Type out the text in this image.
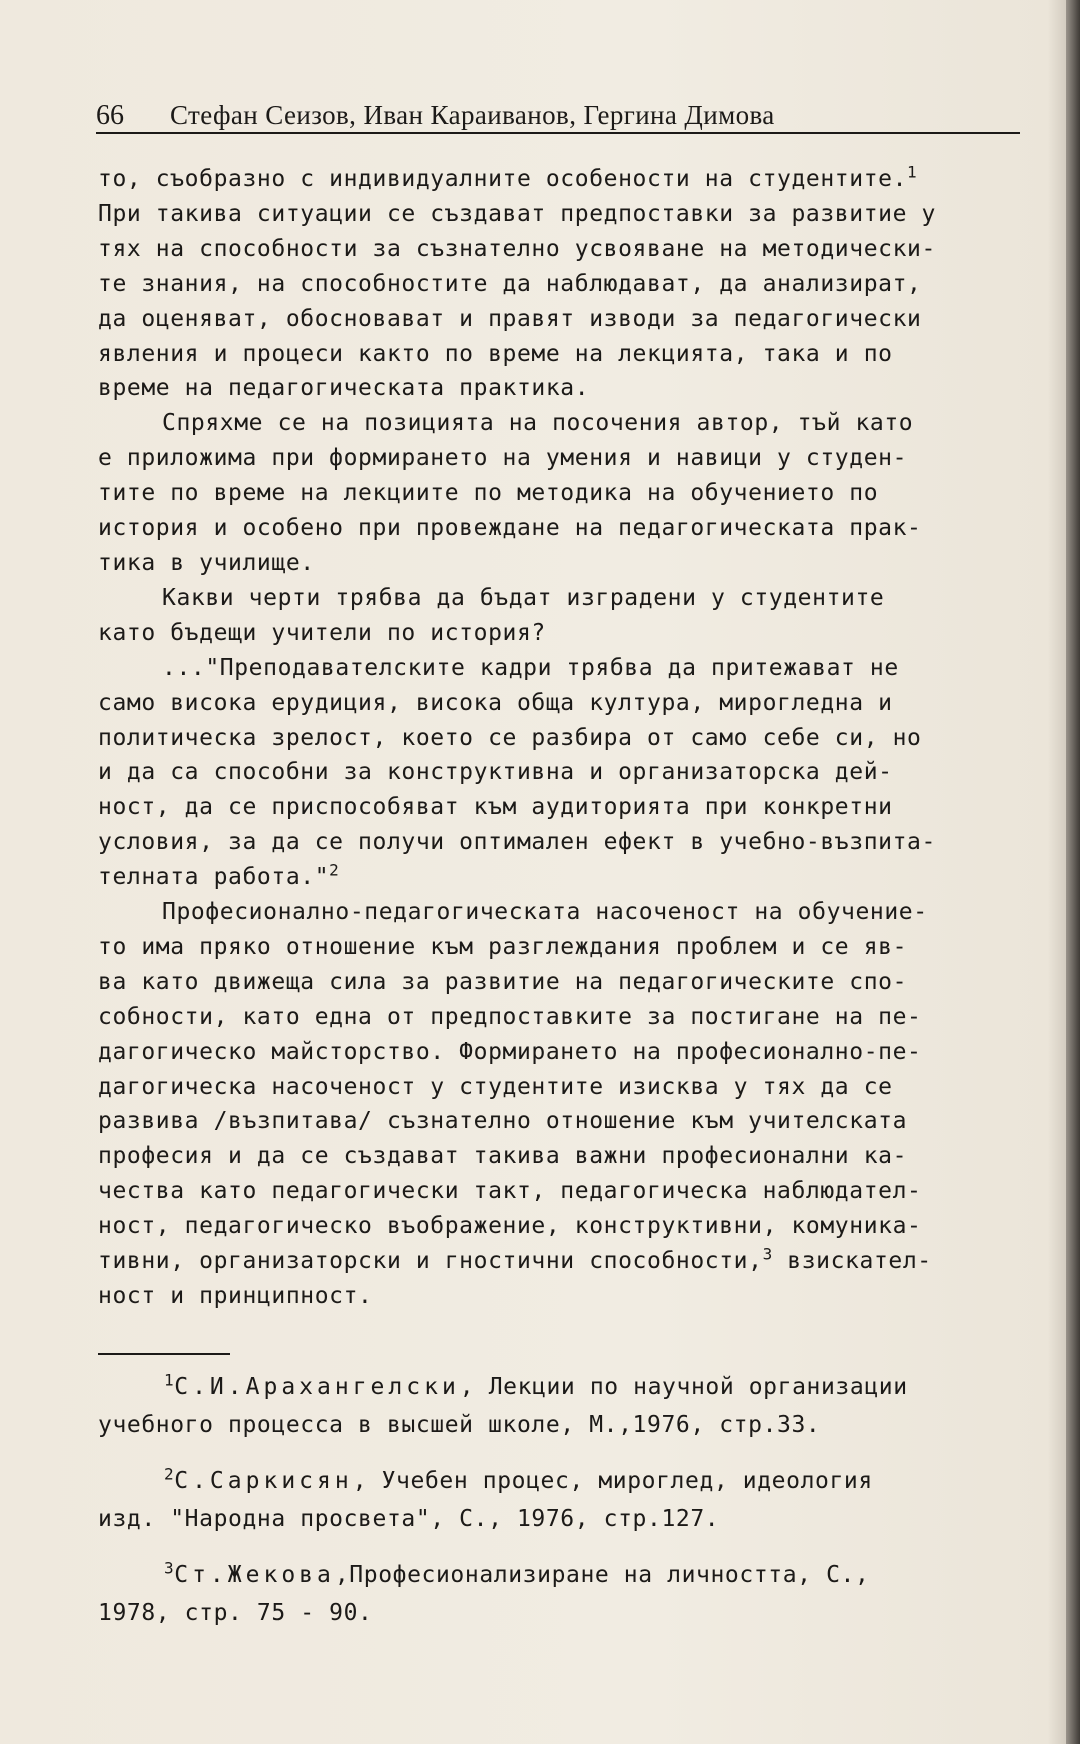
66 Стефан Сеизов, Иван Караиванов, Гергина Димова
то, съобразно с индивидуалните особености на студентите.$^1$
При такива ситуации се създават предпоставки за развитие у
тях на способности за съзнателно усвояване на методически-
те знания, на способностите да наблюдават, да анализират,
да оценяват, обосновават и правят изводи за педагогически
явления и процеси както по време на лекцията, така и по
време на педагогическата практика.
Спряхме се на позицията на посочения автор, тъй като
е приложима при формирането на умения и навици у студен-
тите по време на лекциите по методика на обучението по
история и особено при провеждане на педагогическата прак-
тика в училище.
Какви черти трябва да бъдат изградени у студентите
като бъдещи учители по история?
..."Преподавателските кадри трябва да притежават не
само висока ерудиция, висока обща култура, мирогледна и
политическа зрелост, което се разбира от само себе си, но
и да са способни за конструктивна и организаторска дей-
ност, да се приспособяват към аудиторията при конкретни
условия, за да се получи оптимален ефект в учебно-възпита-
телната работа."$^2$
Професионално-педагогическата насоченост на обучение-
то има пряко отношение към разглеждания проблем и се яв-
ва като движеща сила за развитие на педагогическите спо-
собности, като една от предпоставките за постигане на пе-
дагогическо майсторство. Формирането на професионално-пе-
дагогическа насоченост у студентите изисква у тях да се
развива /възпитава/ съзнателно отношение към учителската
професия и да се създават такива важни професионални ка-
чества като педагогически такт, педагогическа наблюдател-
ност, педагогическо въображение, конструктивни, комуника-
тивни, организаторски и гностични способности,$^3$ взискател-
ност и принципност.
$^1$С.И.Арахангелски, Лекции по научной организации
учебного процесса в высшей школе, М.,1976, стр.33.
$^2$С.Саркисян, Учебен процес, мироглед, идеология
изд. "Народна просвета", С., 1976, стр.127.
$^3$Ст.Жекова,Професионализиране на личността, С.,
1978, стр. 75 - 90.
